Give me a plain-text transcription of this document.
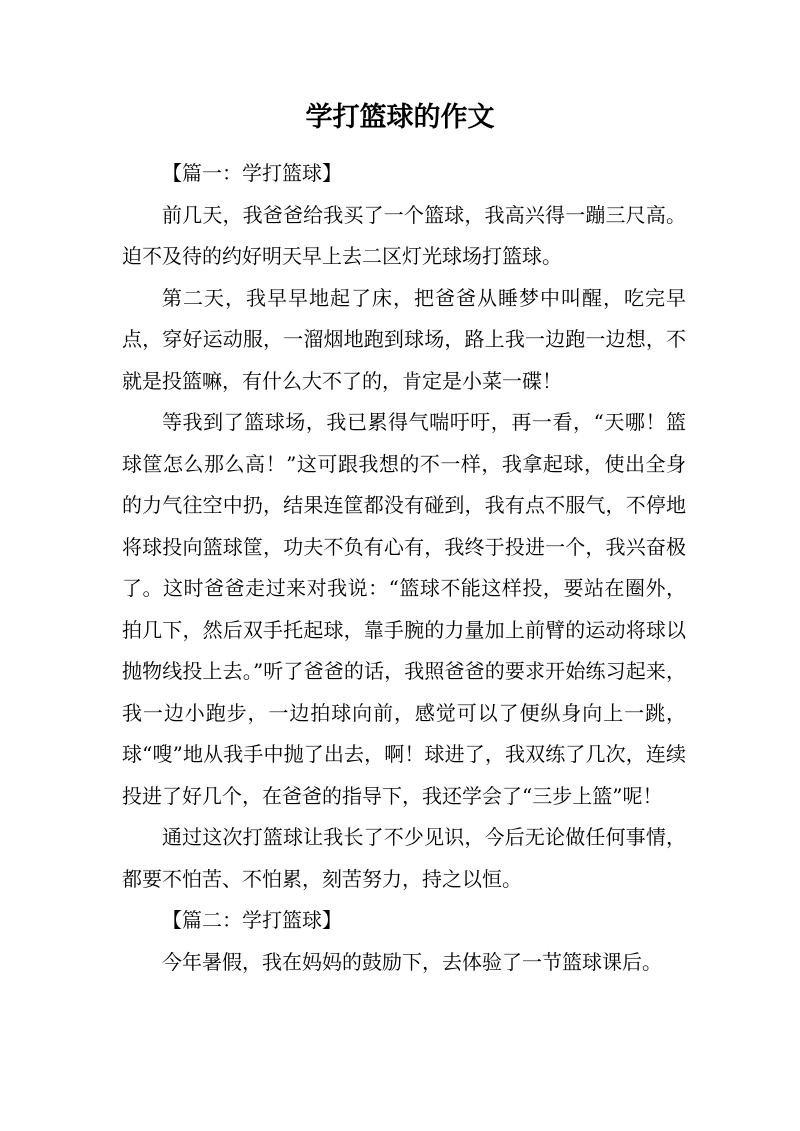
学打篮球的作文

【篇一：学打篮球】

前几天，我爸爸给我买了一个篮球，我高兴得一蹦三尺高。迫不及待的约好明天早上去二区灯光球场打篮球。

第二天，我早早地起了床，把爸爸从睡梦中叫醒，吃完早点，穿好运动服，一溜烟地跑到球场，路上我一边跑一边想，不就是投篮嘛，有什么大不了的，肯定是小菜一碟！

等我到了篮球场，我已累得气喘吁吁，再一看，“天哪！篮球筐怎么那么高！”这可跟我想的不一样，我拿起球，使出全身的力气往空中扔，结果连筐都没有碰到，我有点不服气，不停地将球投向篮球筐，功夫不负有心有，我终于投进一个，我兴奋极了。这时爸爸走过来对我说：“篮球不能这样投，要站在圈外，拍几下，然后双手托起球，靠手腕的力量加上前臂的运动将球以抛物线投上去。”听了爸爸的话，我照爸爸的要求开始练习起来，我一边小跑步，一边拍球向前，感觉可以了便纵身向上一跳，球“嗖”地从我手中抛了出去，啊！球进了，我双练了几次，连续投进了好几个，在爸爸的指导下，我还学会了“三步上篮”呢！

通过这次打篮球让我长了不少见识，今后无论做任何事情，都要不怕苦、不怕累，刻苦努力，持之以恒。

【篇二：学打篮球】

今年暑假，我在妈妈的鼓励下，去体验了一节篮球课后。
